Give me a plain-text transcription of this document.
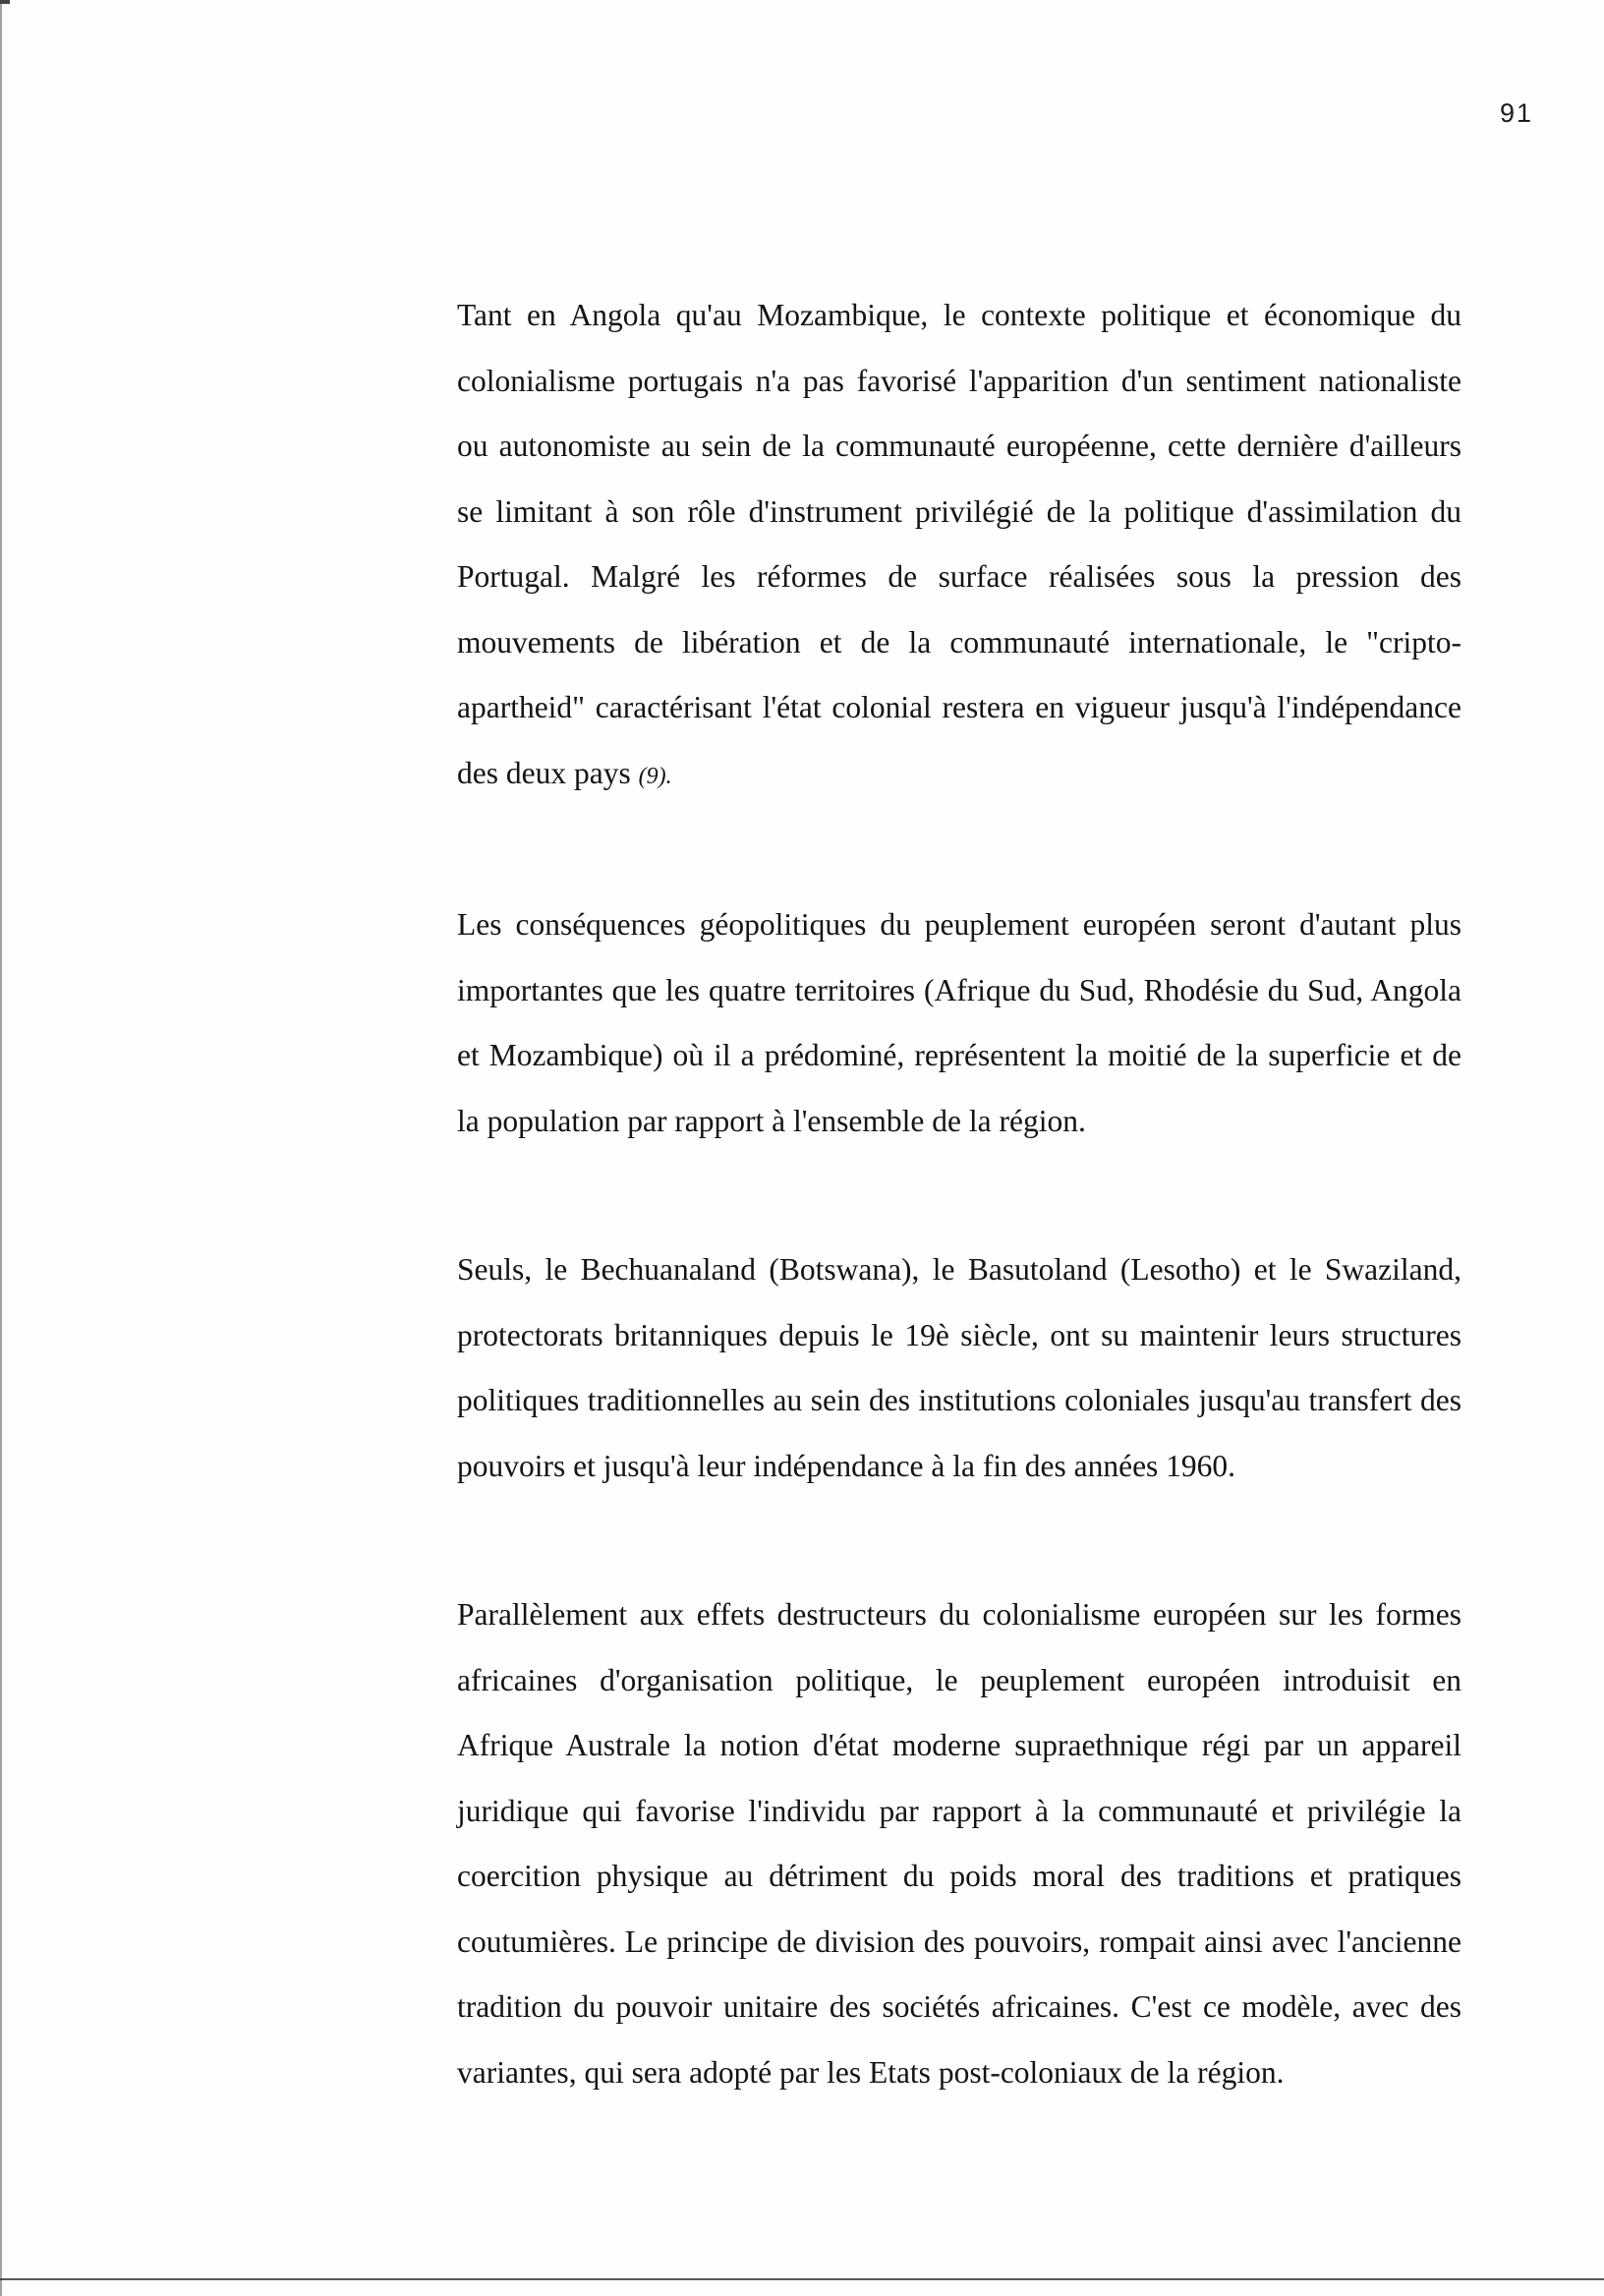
91

Tant en Angola qu'au Mozambique, le contexte politique et économique du colonialisme portugais n'a pas favorisé l'apparition d'un sentiment nationaliste ou autonomiste au sein de la communauté européenne, cette dernière d'ailleurs se limitant à son rôle d'instrument privilégié de la politique d'assimilation du Portugal. Malgré les réformes de surface réalisées sous la pression des mouvements de libération et de la communauté internationale, le "cripto-apartheid" caractérisant l'état colonial restera en vigueur jusqu'à l'indépendance des deux pays (9).

Les conséquences géopolitiques du peuplement européen seront d'autant plus importantes que les quatre territoires (Afrique du Sud, Rhodésie du Sud, Angola et Mozambique) où il a prédominé, représentent la moitié de la superficie et de la population par rapport à l'ensemble de la région.

Seuls, le Bechuanaland (Botswana), le Basutoland (Lesotho) et le Swaziland, protectorats britanniques depuis le 19è siècle, ont su maintenir leurs structures politiques traditionnelles au sein des institutions coloniales jusqu'au transfert des pouvoirs et jusqu'à leur indépendance à la fin des années 1960.

Parallèlement aux effets destructeurs du colonialisme européen sur les formes africaines d'organisation politique, le peuplement européen introduisit en Afrique Australe la notion d'état moderne supraethnique régi par un appareil juridique qui favorise l'individu par rapport à la communauté et privilégie la coercition physique au détriment du poids moral des traditions et pratiques coutumières. Le principe de division des pouvoirs, rompait ainsi avec l'ancienne tradition du pouvoir unitaire des sociétés africaines. C'est ce modèle, avec des variantes, qui sera adopté par les Etats post-coloniaux de la région.
